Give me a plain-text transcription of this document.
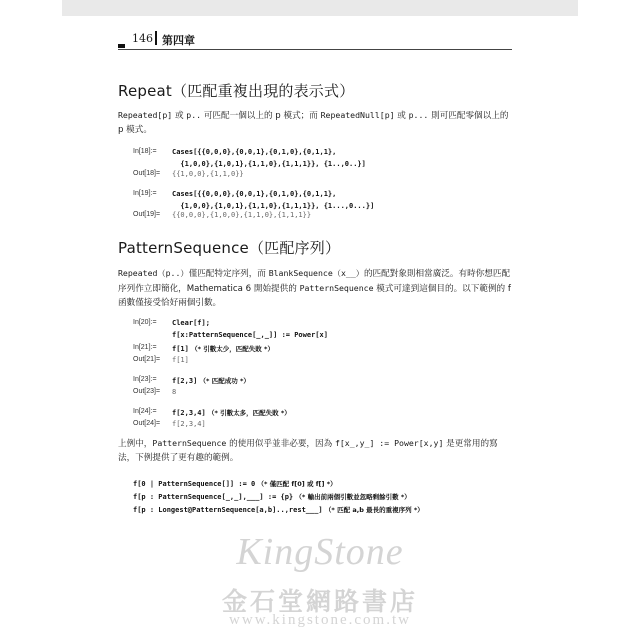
146 第四章
Repeat（匹配重複出現的表示式）
Repeated[p] 或 p.. 可匹配一個以上的 p 模式；而 RepeatedNull[p] 或 p... 則可匹配零個以上的 p 模式。
In[18]:= Cases[{{0,0,0},{0,0,1},{0,1,0},{0,1,1},
{1,0,0},{1,0,1},{1,1,0},{1,1,1}}, {1..,0..}]
Out[18]= {{1,0,0},{1,1,0}}
In[19]:= Cases[{{0,0,0},{0,0,1},{0,1,0},{0,1,1},
{1,0,0},{1,0,1},{1,1,0},{1,1,1}}, {1...,0...}]
Out[19]= {{0,0,0},{1,0,0},{1,1,0},{1,1,1}}
PatternSequence（匹配序列）
Repeated（p..）僅匹配特定序列，而 BlankSequence（x__）的匹配對象則相當廣泛。有時你想匹配序列作立即簡化，Mathematica 6 開始提供的 PatternSequence 模式可達到這個目的。以下範例的 f 函數僅接受恰好兩個引數。
In[20]:= Clear[f];
f[x:PatternSequence[_,_]] := Power[x]
In[21]:= f[1] （* 引數太少，匹配失敗 *）
Out[21]= f[1]
In[23]:= f[2,3] （* 匹配成功 *）
Out[23]= 8
In[24]:= f[2,3,4] （* 引數太多，匹配失敗 *）
Out[24]= f[2,3,4]
上例中，PatternSequence 的使用似乎並非必要，因為 f[x_,y_] := Power[x,y] 是更常用的寫法，下例提供了更有趣的範例。
f[0 | PatternSequence[]] := 0 （* 僅匹配 f[0] 或 f[] *）
f[p : PatternSequence[_,_],___] := {p} （* 輸出前兩個引數並忽略剩餘引數 *）
f[p : Longest@PatternSequence[a,b]..,rest___] （* 匹配 a,b 最長的重複序列 *）
KingStone
金石堂網路書店
www.kingstone.com.tw
